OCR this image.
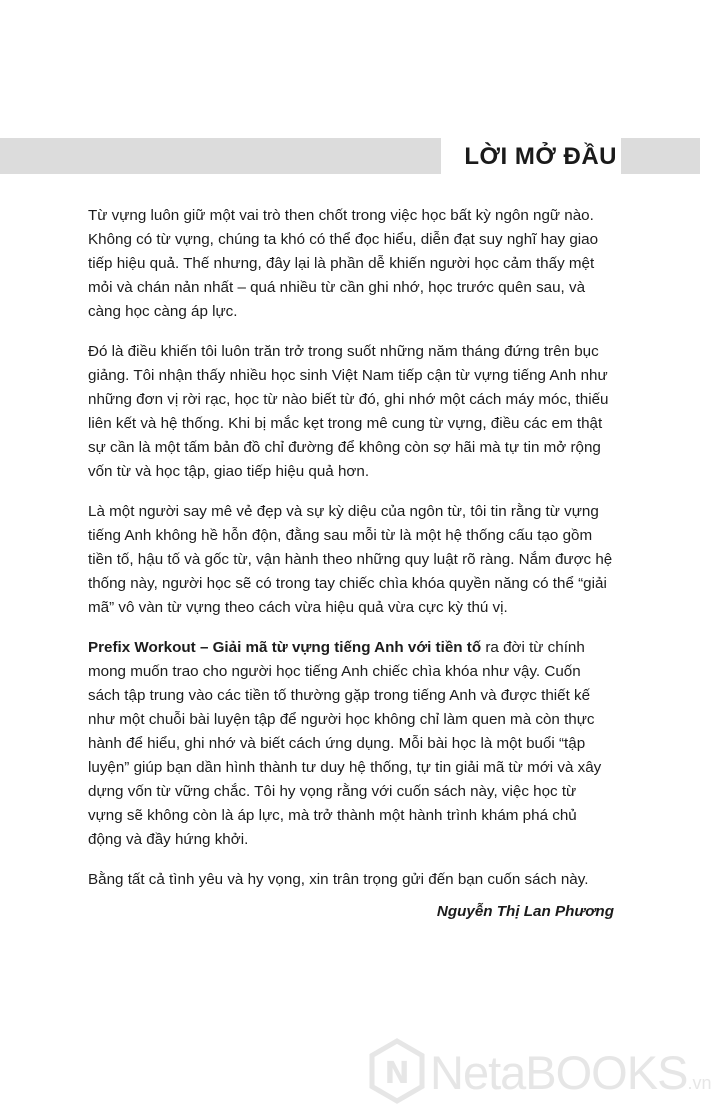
LỜI MỞ ĐẦU

Từ vựng luôn giữ một vai trò then chốt trong việc học bất kỳ ngôn ngữ nào. Không có từ vựng, chúng ta khó có thể đọc hiểu, diễn đạt suy nghĩ hay giao tiếp hiệu quả. Thế nhưng, đây lại là phần dễ khiến người học cảm thấy mệt mỏi và chán nản nhất – quá nhiều từ cần ghi nhớ, học trước quên sau, và càng học càng áp lực.

Đó là điều khiến tôi luôn trăn trở trong suốt những năm tháng đứng trên bục giảng. Tôi nhận thấy nhiều học sinh Việt Nam tiếp cận từ vựng tiếng Anh như những đơn vị rời rạc, học từ nào biết từ đó, ghi nhớ một cách máy móc, thiếu liên kết và hệ thống. Khi bị mắc kẹt trong mê cung từ vựng, điều các em thật sự cần là một tấm bản đồ chỉ đường để không còn sợ hãi mà tự tin mở rộng vốn từ và học tập, giao tiếp hiệu quả hơn.

Là một người say mê vẻ đẹp và sự kỳ diệu của ngôn từ, tôi tin rằng từ vựng tiếng Anh không hề hỗn độn, đằng sau mỗi từ là một hệ thống cấu tạo gồm tiền tố, hậu tố và gốc từ, vận hành theo những quy luật rõ ràng. Nắm được hệ thống này, người học sẽ có trong tay chiếc chìa khóa quyền năng có thể “giải mã” vô vàn từ vựng theo cách vừa hiệu quả vừa cực kỳ thú vị.

Prefix Workout – Giải mã từ vựng tiếng Anh với tiền tố ra đời từ chính mong muốn trao cho người học tiếng Anh chiếc chìa khóa như vậy. Cuốn sách tập trung vào các tiền tố thường gặp trong tiếng Anh và được thiết kế như một chuỗi bài luyện tập để người học không chỉ làm quen mà còn thực hành để hiểu, ghi nhớ và biết cách ứng dụng. Mỗi bài học là một buổi “tập luyện” giúp bạn dần hình thành tư duy hệ thống, tự tin giải mã từ mới và xây dựng vốn từ vững chắc. Tôi hy vọng rằng với cuốn sách này, việc học từ vựng sẽ không còn là áp lực, mà trở thành một hành trình khám phá chủ động và đầy hứng khởi.

Bằng tất cả tình yêu và hy vọng, xin trân trọng gửi đến bạn cuốn sách này.

Nguyễn Thị Lan Phương

N NetaBOOKS.vn
